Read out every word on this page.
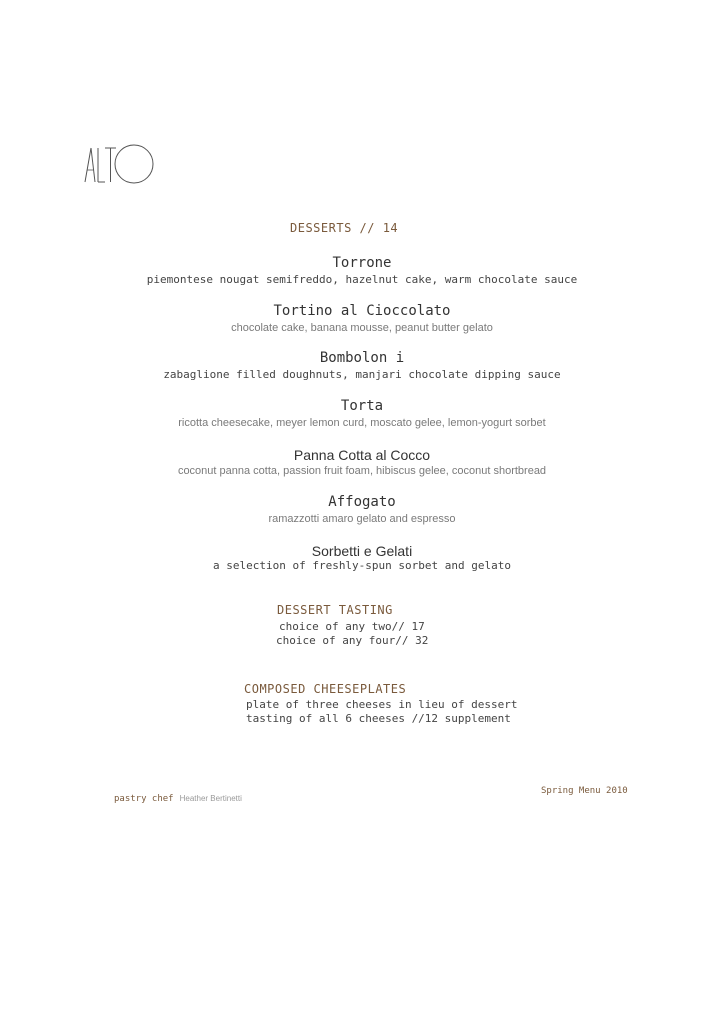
DESSERTS // 14
Torrone
piemontese nougat semifreddo, hazelnut cake, warm chocolate sauce
Tortino al Cioccolato
chocolate cake, banana mousse, peanut butter gelato
Bombolon i
zabaglione filled doughnuts, manjari chocolate dipping sauce
Torta
ricotta cheesecake, meyer lemon curd, moscato gelee, lemon-yogurt sorbet
Panna Cotta al Cocco
coconut panna cotta, passion fruit foam, hibiscus gelee, coconut shortbread
Affogato
ramazzotti amaro gelato and espresso
Sorbetti e Gelati
a selection of freshly-spun sorbet and gelato
DESSERT TASTING
choice of any two// 17
choice of any four// 32
COMPOSED CHEESEPLATES
plate of three cheeses in lieu of dessert
tasting of all 6 cheeses //12 supplement
pastry chef Heather Bertinetti
Spring Menu 2010
